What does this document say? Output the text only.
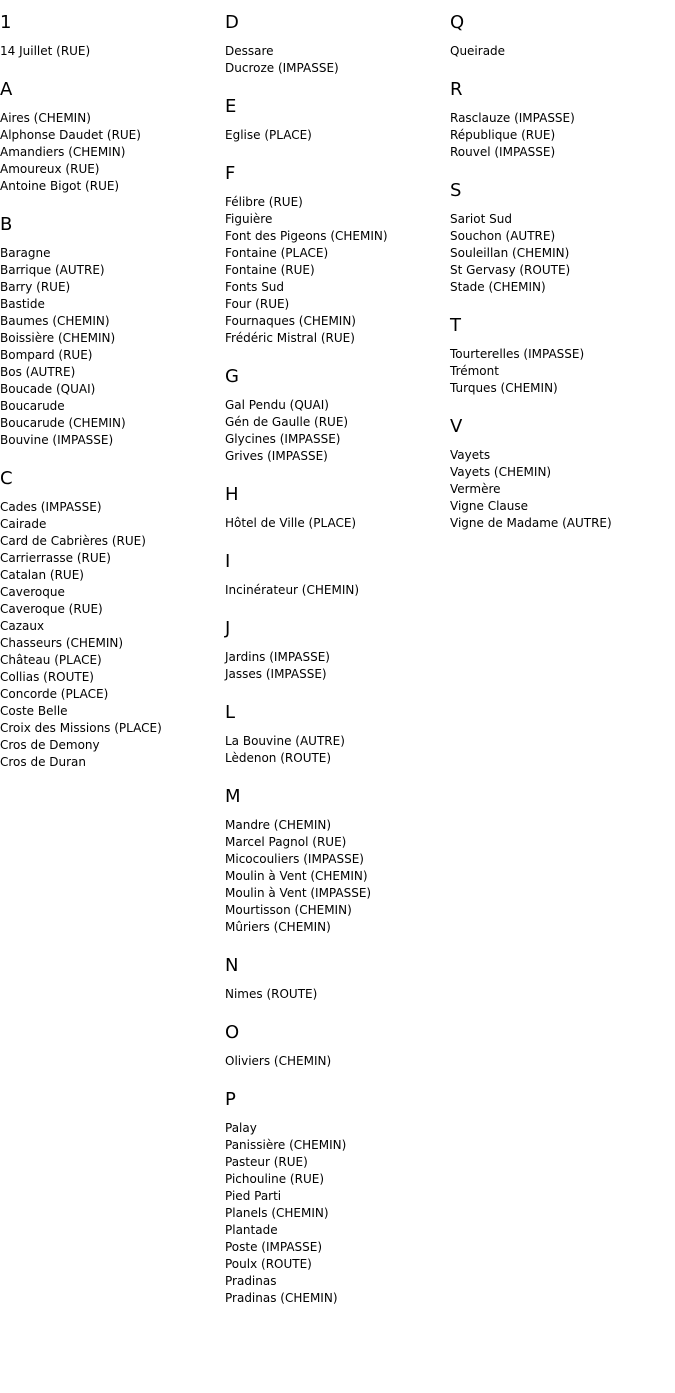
1
14 Juillet (RUE)
A
Aires (CHEMIN)
Alphonse Daudet (RUE)
Amandiers (CHEMIN)
Amoureux (RUE)
Antoine Bigot (RUE)
B
Baragne
Barrique (AUTRE)
Barry (RUE)
Bastide
Baumes (CHEMIN)
Boissière (CHEMIN)
Bompard (RUE)
Bos (AUTRE)
Boucade (QUAI)
Boucarude
Boucarude (CHEMIN)
Bouvine (IMPASSE)
C
Cades (IMPASSE)
Cairade
Card de Cabrières (RUE)
Carrierrasse (RUE)
Catalan (RUE)
Caveroque
Caveroque (RUE)
Cazaux
Chasseurs (CHEMIN)
Château (PLACE)
Collias (ROUTE)
Concorde (PLACE)
Coste Belle
Croix des Missions (PLACE)
Cros de Demony
Cros de Duran
D
Dessare
Ducroze (IMPASSE)
E
Eglise (PLACE)
F
Félibre (RUE)
Figuière
Font des Pigeons (CHEMIN)
Fontaine (PLACE)
Fontaine (RUE)
Fonts Sud
Four (RUE)
Fournaques (CHEMIN)
Frédéric Mistral (RUE)
G
Gal Pendu (QUAI)
Gén de Gaulle (RUE)
Glycines (IMPASSE)
Grives (IMPASSE)
H
Hôtel de Ville (PLACE)
I
Incinérateur (CHEMIN)
J
Jardins (IMPASSE)
Jasses (IMPASSE)
L
La Bouvine (AUTRE)
Lèdenon (ROUTE)
M
Mandre (CHEMIN)
Marcel Pagnol (RUE)
Micocouliers (IMPASSE)
Moulin à Vent (CHEMIN)
Moulin à Vent (IMPASSE)
Mourtisson (CHEMIN)
Mûriers (CHEMIN)
N
Nimes (ROUTE)
O
Oliviers (CHEMIN)
P
Palay
Panissière (CHEMIN)
Pasteur (RUE)
Pichouline (RUE)
Pied Parti
Planels (CHEMIN)
Plantade
Poste (IMPASSE)
Poulx (ROUTE)
Pradinas
Pradinas (CHEMIN)
Q
Queirade
R
Rasclauze (IMPASSE)
République (RUE)
Rouvel (IMPASSE)
S
Sariot Sud
Souchon (AUTRE)
Souleillan (CHEMIN)
St Gervasy (ROUTE)
Stade (CHEMIN)
T
Tourterelles (IMPASSE)
Trémont
Turques (CHEMIN)
V
Vayets
Vayets (CHEMIN)
Vermère
Vigne Clause
Vigne de Madame (AUTRE)
